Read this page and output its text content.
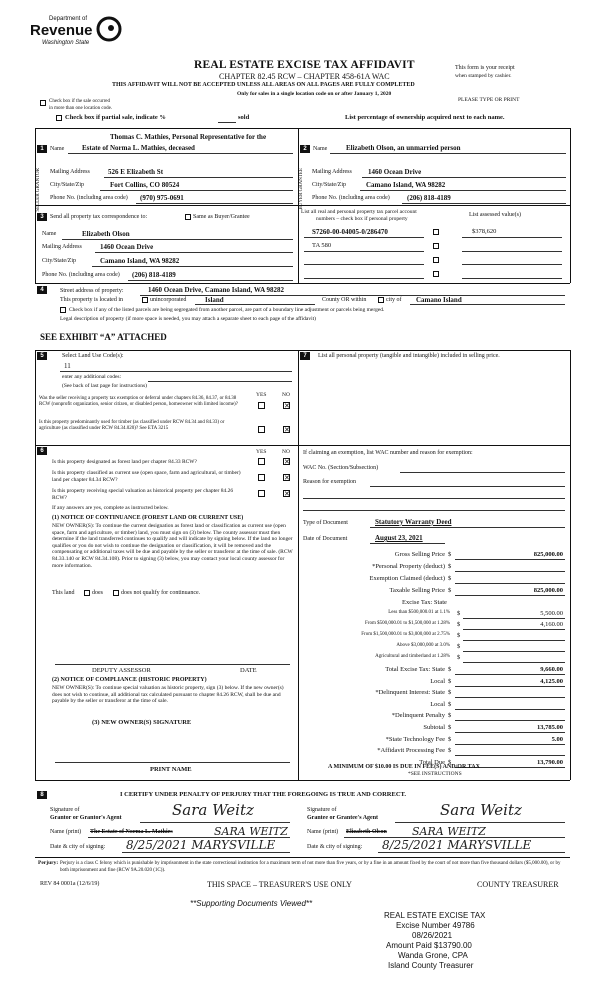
Department of
Revenue
Washington State
REAL ESTATE EXCISE TAX AFFIDAVIT
CHAPTER 82.45 RCW – CHAPTER 458-61A WAC
THIS AFFIDAVIT WILL NOT BE ACCEPTED UNLESS ALL AREAS ON ALL PAGES ARE FULLY COMPLETED
Only for sales in a single location code on or after January 1, 2020
This form is your receipt
when stamped by cashier.
PLEASE TYPE OR PRINT
Check box if the sale occurred
in more than one location code.
Check box if partial sale, indicate %	sold	List percentage of ownership acquired next to each name.
1
Thomas C. Mathies, Personal Representative for the
Name	Estate of Norma L. Mathies, deceased
SELLER GRANTOR Mailing Address	526 E Elizabeth St
City/State/Zip	Fort Collins, CO 80524
Phone No. (including area code) (970) 975-0691
2	Name	Elizabeth Olson, an unmarried person
BUYER GRANTEE Mailing Address 1460 Ocean Drive
City/State/Zip	Camano Island, WA 98282
Phone No. (including area code) (206) 818-4189
3	Send all property tax correspondence to:	Same as Buyer/Grantee
Name	Elizabeth Olson
Mailing Address	1460 Ocean Drive
City/State/Zip	Camano Island, WA 98282
Phone No. (including area code) (206) 818-4189
List all real and personal property tax parcel account
numbers – check box if personal property
List assessed value(s)
S7260-00-04005-0/286470	$378,620
TA 580
4	Street address of property:	1460 Ocean Drive, Camano Island, WA 98282
This property is located in	unincorporated	Island	County OR within	city of Camano Island
Check box if any of the listed parcels are being segregated from another parcel, are part of a boundary line adjustment or parcels being merged.
Legal description of property (if more space is needed, you may attach a separate sheet to each page of the affidavit)
SEE EXHIBIT “A” ATTACHED
5	Select Land Use Code(s):
11
enter any additional codes:
(See back of last page for instructions)
YES	NO
Was the seller receiving a property tax exemption or deferral under chapters 84.36, 84.37, or 84.38 RCW (nonprofit organization, senior citizen, or disabled person, homeowner with limited income)?	✕
Is this property predominantly used for timber (as classified under RCW 84.34 and 84.33) or agriculture (as classified under RCW 84.34.020)? See ETA 3215	✕
7	List all personal property (tangible and intangible) included in selling price.
6	YES	NO
Is this property designated as forest land per chapter 84.33 RCW?	✕
Is this property classified as current use (open space, farm and agricultural, or timber) land per chapter 84.34 RCW?	✕
Is this property receiving special valuation as historical property per chapter 84.26 RCW?	✕
If any answers are yes, complete as instructed below.
(1) NOTICE OF CONTINUANCE (FOREST LAND OR CURRENT USE)
NEW OWNER(S): To continue the current designation as forest land or classification as current use (open space, farm and agriculture, or timber) land, you must sign on (3) below. The county assessor must then determine if the land transferred continues to qualify and will indicate by signing below. If the land no longer qualifies or you do not wish to continue the designation or classification, it will be removed and the compensating or additional taxes will be due and payable by the seller or transferor at the time of sale. (RCW 84.33.140 or RCW 84.34.108). Prior to signing (3) below, you may contact your local county assessor for more information.
This land	does	does not qualify for continuance.
DEPUTY ASSESSOR	DATE
(2) NOTICE OF COMPLIANCE (HISTORIC PROPERTY)
NEW OWNER(S): To continue special valuation as historic property, sign (3) below. If the new owner(s) does not wish to continue, all additional tax calculated pursuant to chapter 84.26 RCW, shall be due and payable by the seller or transferor at the time of sale.
(3) NEW OWNER(S) SIGNATURE
PRINT NAME
If claiming an exemption, list WAC number and reason for exemption:
WAC No. (Section/Subsection)
Reason for exemption
Type of Document	Statutory Warranty Deed
Date of Document	August 23, 2021
Gross Selling Price $	825,000.00
*Personal Property (deduct) $
Exemption Claimed (deduct) $
Taxable Selling Price $	825,000.00
Excise Tax: State
Less than $500,000.01 at 1.1% $	5,500.00
From $500,000.01 to $1,500,000 at 1.28% $	4,160.00
From $1,500,000.01 to $3,000,000 at 2.75% $
Above $3,000,000 at 3.0% $
Agricultural and timberland at 1.28% $
Total Excise Tax: State $	9,660.00
Local $	4,125.00
*Delinquent Interest: State $
Local $
*Delinquent Penalty $
Subtotal $	13,785.00
*State Technology Fee $	5.00
*Affidavit Processing Fee $
Total Due $	13,790.00
A MINIMUM OF $10.00 IS DUE IN FEE(S) AND/OR TAX
*SEE INSTRUCTIONS
8	I CERTIFY UNDER PENALTY OF PERJURY THAT THE FOREGOING IS TRUE AND CORRECT.
Signature of
Grantor or Grantor's Agent	Sara Weitz
Name (print) The Estate of Norma L. Mathies	SARA WEITZ
Date & city of signing: 8/25/2021 MARYSVILLE
Signature of
Grantee or Grantee's Agent	Sara Weitz
Name (print) Elizabeth Olson SARA WEITZ
Date & city of signing: 8/25/2021 MARYSVILLE
Perjury: Perjury is a class C felony which is punishable by imprisonment in the state correctional institution for a maximum term of not more than five years, or by a fine in an amount fixed by the court of not more than five thousand dollars ($5,000.00), or by both imprisonment and fine (RCW 9A.20.020 (1C)).
REV 84 0001a (12/6/19)	THIS SPACE – TREASURER'S USE ONLY	COUNTY TREASURER
**Supporting Documents Viewed**
REAL ESTATE EXCISE TAX
Excise Number 49786
08/26/2021
Amount Paid $13790.00
Wanda Grone, CPA
Island County Treasurer
